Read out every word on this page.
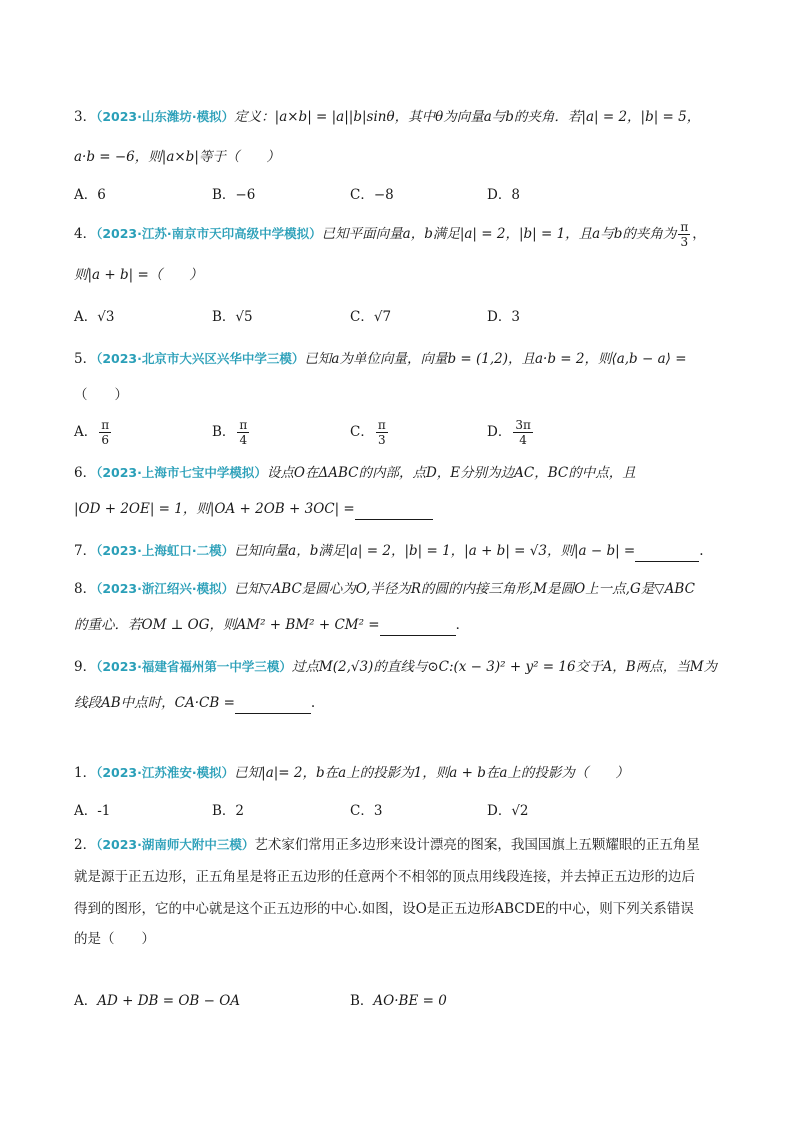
3．（2023·山东潍坊·模拟）定义：|a×b| = |a||b|sinθ，其中θ为向量a与b的夹角．若|a| = 2，|b| = 5，
a·b = −6，则|a×b|等于（　　）
A．6	B．−6	C．−8	D．8
4．（2023·江苏·南京市天印高级中学模拟）已知平面向量a，b满足|a| = 2，|b| = 1，且a与b的夹角为 $\frac{\pi}{3}$ ，
则|a + b| =（　　）
A．√3	B．√5	C．√7	D．3
5．（2023·北京市大兴区兴华中学三模）已知a为单位向量，向量b = (1,2)，且a·b = 2，则⟨a,b − a⟩ =
（　　）
A． $\frac{\pi}{6}$	B． $\frac{\pi}{4}$	C． $\frac{\pi}{3}$	D． $\frac{3\pi}{4}$
6．（2023·上海市七宝中学模拟）设点O在ΔABC的内部，点D，E分别为边AC，BC的中点，且
|OD + 2OE| = 1，则|OA + 2OB + 3OC| =
7．（2023·上海虹口·二模）已知向量a，b满足|a| = 2，|b| = 1，|a + b| = √3，则|a − b| =	.
8．（2023·浙江绍兴·模拟）已知▽ABC是圆心为O,半径为R的圆的内接三角形,M是圆O上一点,G是▽ABC
的重心．若OM ⊥ OG，则AM² + BM² + CM² =	．
9．（2023·福建省福州第一中学三模）过点M(2,√3)的直线与⊙C:(x − 3)² + y² = 16交于A，B两点，当M为
线段AB中点时，CA·CB =	.
1．（2023·江苏淮安·模拟）已知|a|= 2，b在a上的投影为1，则a + b在a上的投影为（　　）
A．-1	B．2	C．3	D．√2
2．（2023·湖南师大附中三模）艺术家们常用正多边形来设计漂亮的图案，我国国旗上五颗耀眼的正五角星
就是源于正五边形，正五角星是将正五边形的任意两个不相邻的顶点用线段连接，并去掉正五边形的边后
得到的图形，它的中心就是这个正五边形的中心.如图，设O是正五边形ABCDE的中心，则下列关系错误
的是（　　）
A．AD + DB = OB − OA	B．AO·BE = 0
